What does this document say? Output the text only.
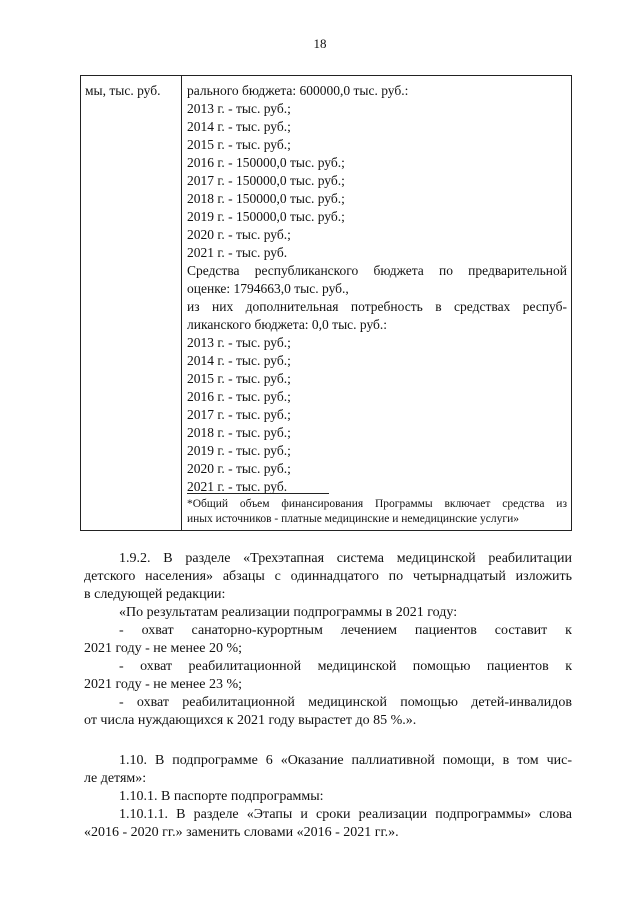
18
мы, тыс. руб.	рального бюджета: 600000,0 тыс. руб.:
2013 г. - тыс. руб.;
2014 г. - тыс. руб.;
2015 г. - тыс. руб.;
2016 г. - 150000,0 тыс. руб.;
2017 г. - 150000,0 тыс. руб.;
2018 г. - 150000,0 тыс. руб.;
2019 г. - 150000,0 тыс. руб.;
2020 г. - тыс. руб.;
2021 г. - тыс. руб.
Средства республиканского бюджета по предварительной
оценке: 1794663,0 тыс. руб.,
из них дополнительная потребность в средствах респуб-
ликанского бюджета: 0,0 тыс. руб.:
2013 г. - тыс. руб.;
2014 г. - тыс. руб.;
2015 г. - тыс. руб.;
2016 г. - тыс. руб.;
2017 г. - тыс. руб.;
2018 г. - тыс. руб.;
2019 г. - тыс. руб.;
2020 г. - тыс. руб.;
2021 г. - тыс. руб.
*Общий объем финансирования Программы включает средства из
иных источников - платные медицинские и немедицинские услуги»
1.9.2. В разделе «Трехэтапная система медицинской реабилитации
детского населения» абзацы с одиннадцатого по четырнадцатый изложить
в следующей редакции:
«По результатам реализации подпрограммы в 2021 году:
- охват санаторно-курортным лечением пациентов составит к
2021 году - не менее 20 %;
- охват реабилитационной медицинской помощью пациентов к
2021 году - не менее 23 %;
- охват реабилитационной медицинской помощью детей-инвалидов
от числа нуждающихся к 2021 году вырастет до 85 %.».
1.10. В подпрограмме 6 «Оказание паллиативной помощи, в том чис-
ле детям»:
1.10.1. В паспорте подпрограммы:
1.10.1.1. В разделе «Этапы и сроки реализации подпрограммы» слова
«2016 - 2020 гг.» заменить словами «2016 - 2021 гг.».
